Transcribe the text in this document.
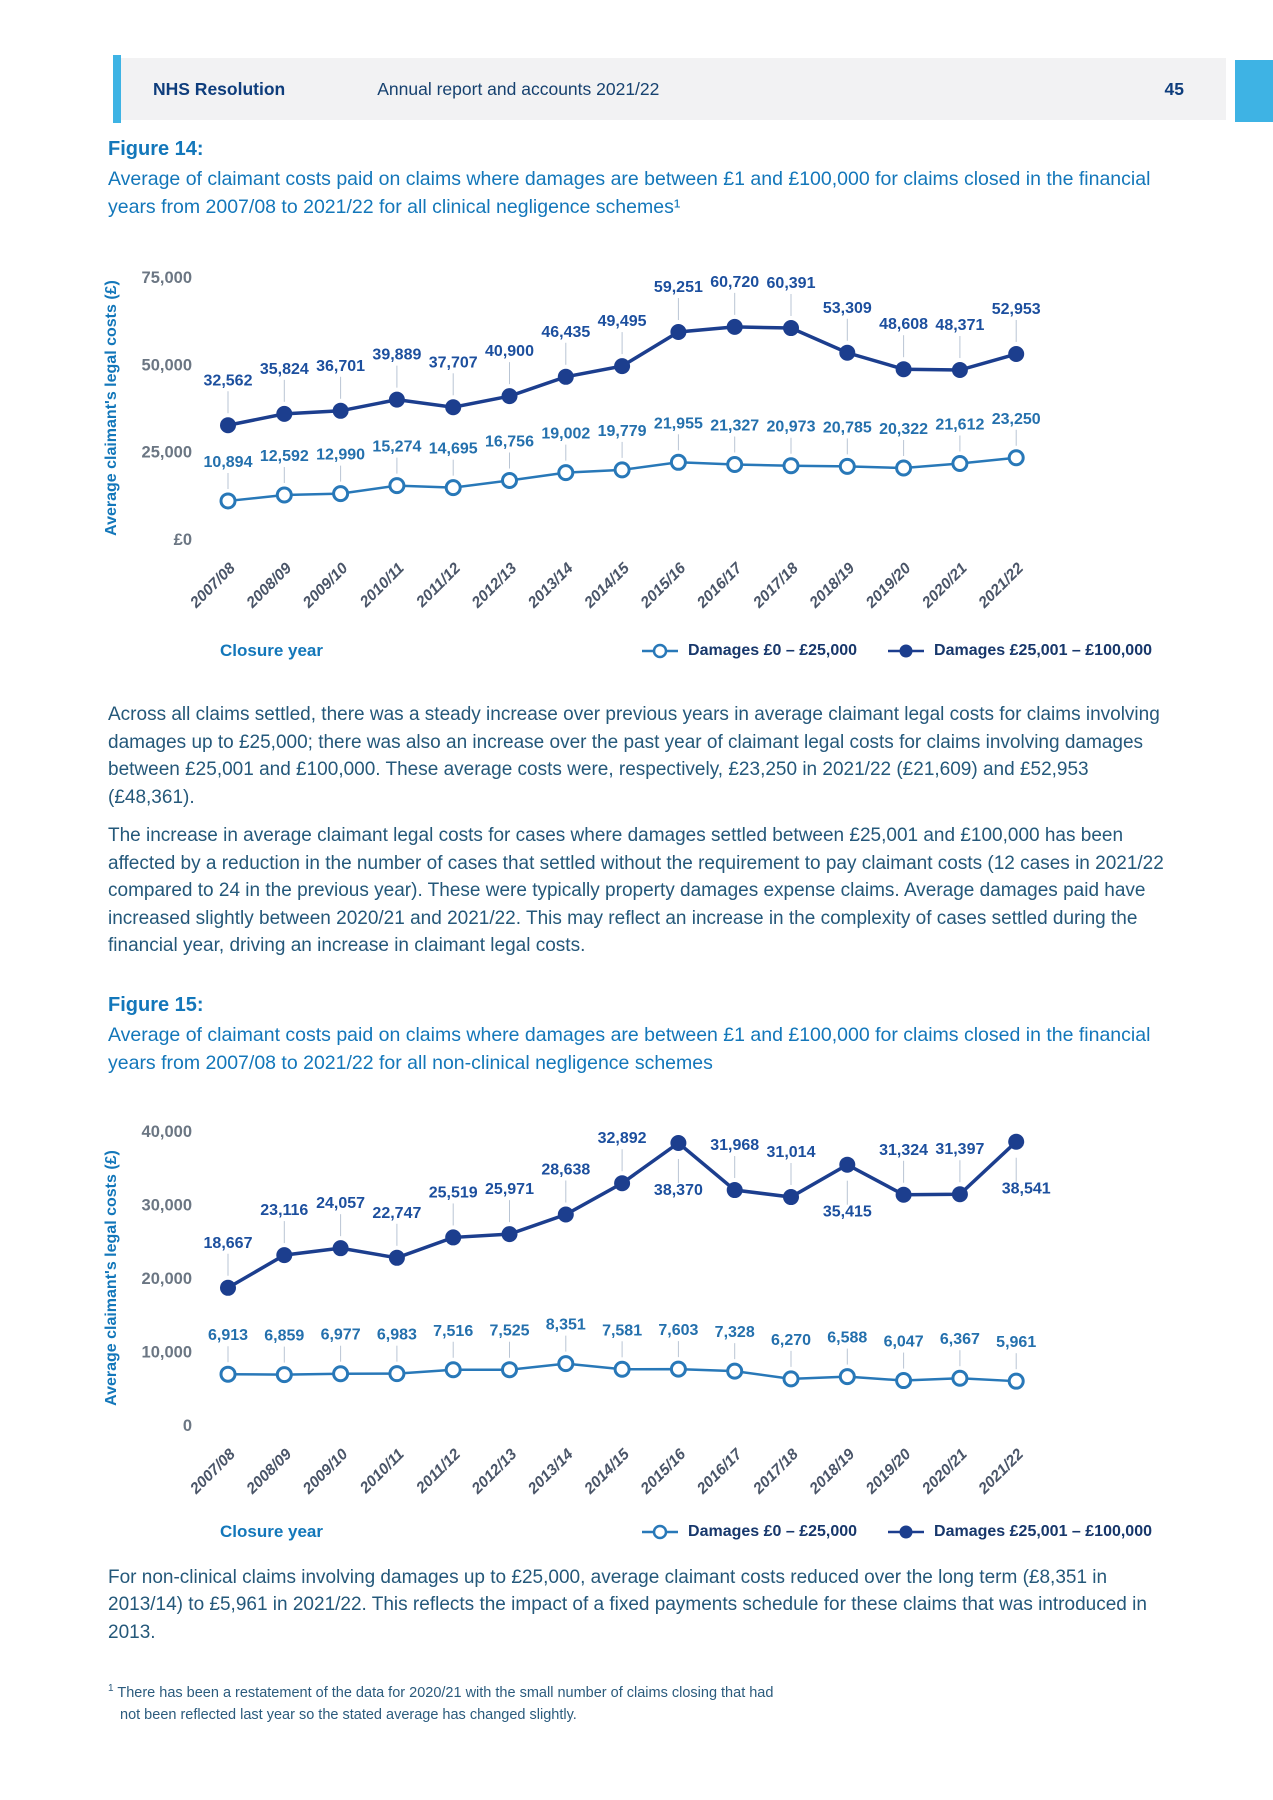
NHS Resolution	Annual report and accounts 2021/22	45

Figure 14:

Average of claimant costs paid on claims where damages are between £1 and £100,000 for claims closed in the financial years from 2007/08 to 2021/22 for all clinical negligence schemes¹

75,000
50,000
25,000
£0
Average claimant's legal costs (£)
2007/08 2008/09 2009/10 2010/11 2011/12 2012/13 2013/14 2014/15 2015/16 2016/17 2017/18 2018/19 2019/20 2020/21 2021/22
10,894 12,592 12,990 15,274 14,695 16,756 19,002 19,779 21,955 21,327 20,973 20,785 20,322 21,612 23,250
32,562
35,824 36,701
39,889 37,707
40,900
46,435
49,495
59,251 60,720 60,391
53,309
48,608 48,371
52,953
Closure year	Damages £0 – £25,000	Damages £25,001 – £100,000

Across all claims settled, there was a steady increase over previous years in average claimant legal costs for claims involving damages up to £25,000; there was also an increase over the past year of claimant legal costs for claims involving damages between £25,001 and £100,000. These average costs were, respectively, £23,250 in 2021/22 (£21,609) and £52,953 (£48,361).

The increase in average claimant legal costs for cases where damages settled between £25,001 and £100,000 has been affected by a reduction in the number of cases that settled without the requirement to pay claimant costs (12 cases in 2021/22 compared to 24 in the previous year). These were typically property damages expense claims. Average damages paid have increased slightly between 2020/21 and 2021/22. This may reflect an increase in the complexity of cases settled during the financial year, driving an increase in claimant legal costs.

Figure 15:

Average of claimant costs paid on claims where damages are between £1 and £100,000 for claims closed in the financial years from 2007/08 to 2021/22 for all non-clinical negligence schemes

40,000
30,000
20,000
10,000
0
Average claimant's legal costs (£)
2007/08 2008/09 2009/10 2010/11 2011/12 2012/13 2013/14 2014/15 2015/16 2016/17 2017/18 2018/19 2019/20 2020/21 2021/22
6,913 6,859 6,977 6,983 7,516 7,525 8,351 7,581 7,603 7,328 6,270 6,588 6,047 6,367 5,961
18,667
23,116 24,057
22,747
25,519 25,971
28,638
32,892
38,370
31,968 31,014
35,415
31,324 31,397
38,541
Closure year	Damages £0 – £25,000	Damages £25,001 – £100,000

For non-clinical claims involving damages up to £25,000, average claimant costs reduced over the long term (£8,351 in 2013/14) to £5,961 in 2021/22. This reflects the impact of a fixed payments schedule for these claims that was introduced in 2013.

$^1$ There has been a restatement of the data for 2020/21 with the small number of claims closing that had not been reflected last year so the stated average has changed slightly.
